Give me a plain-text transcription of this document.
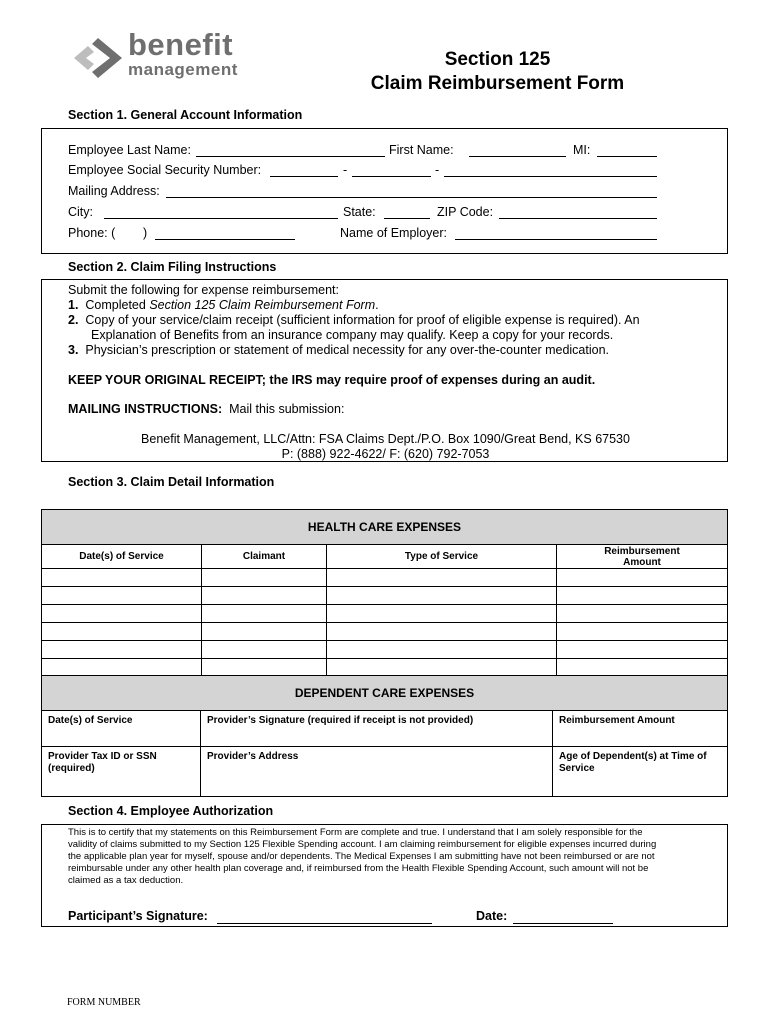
benefit
management	Section 125
Claim Reimbursement Form
Section 1. General Account Information
Employee Last Name:	First Name:	MI:
Employee Social Security Number:	-	-
Mailing Address:
City:	State:	ZIP Code:
Phone: ( )	Name of Employer:
Section 2. Claim Filing Instructions
Submit the following for expense reimbursement:
1. Completed Section 125 Claim Reimbursement Form.
2. Copy of your service/claim receipt (sufficient information for proof of eligible expense is required). An
Explanation of Benefits from an insurance company may qualify. Keep a copy for your records.
3. Physician’s prescription or statement of medical necessity for any over-the-counter medication.
KEEP YOUR ORIGINAL RECEIPT; the IRS may require proof of expenses during an audit.
MAILING INSTRUCTIONS: Mail this submission:
Benefit Management, LLC/Attn: FSA Claims Dept./P.O. Box 1090/Great Bend, KS 67530
P: (888) 922-4622/ F: (620) 792-7053
Section 3. Claim Detail Information
HEALTH CARE EXPENSES			
Date(s) of Service	Claimant	Type of Service	Reimbursement
Amount

DEPENDENT CARE EXPENSES		
Date(s) of Service	Provider’s Signature (required if receipt is not provided)	Reimbursement Amount
Provider Tax ID or SSN
(required)	Provider’s Address	Age of Dependent(s) at Time of
Service
Section 4. Employee Authorization
This is to certify that my statements on this Reimbursement Form are complete and true. I understand that I am solely responsible for the
validity of claims submitted to my Section 125 Flexible Spending account. I am claiming reimbursement for eligible expenses incurred during
the applicable plan year for myself, spouse and/or dependents. The Medical Expenses I am submitting have not been reimbursed or are not
reimbursable under any other health plan coverage and, if reimbursed from the Health Flexible Spending Account, such amount will not be
claimed as a tax deduction.
Participant’s Signature:	Date:
FORM NUMBER
